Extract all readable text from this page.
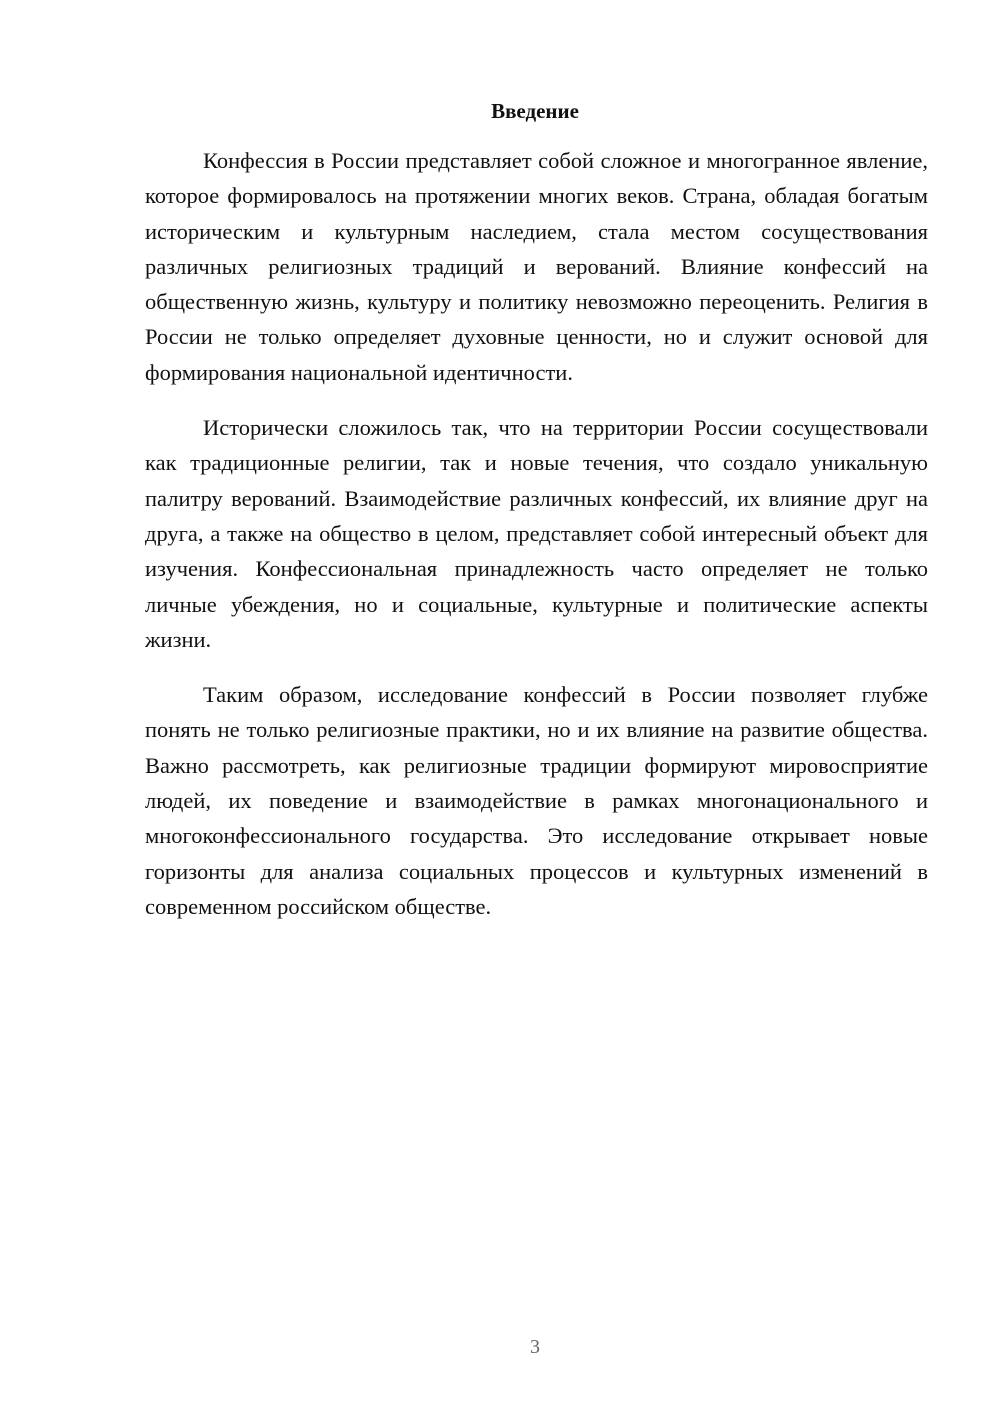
Введение

Конфессия в России представляет собой сложное и многогранное явление, которое формировалось на протяжении многих веков. Страна, обладая богатым историческим и культурным наследием, стала местом сосуществования различных религиозных традиций и верований. Влияние конфессий на общественную жизнь, культуру и политику невозможно переоценить. Религия в России не только определяет духовные ценности, но и служит основой для формирования национальной идентичности.

Исторически сложилось так, что на территории России сосуществовали как традиционные религии, так и новые течения, что создало уникальную палитру верований. Взаимодействие различных конфессий, их влияние друг на друга, а также на общество в целом, представляет собой интересный объект для изучения. Конфессиональная принадлежность часто определяет не только личные убеждения, но и социальные, культурные и политические аспекты жизни.

Таким образом, исследование конфессий в России позволяет глубже понять не только религиозные практики, но и их влияние на развитие общества. Важно рассмотреть, как религиозные традиции формируют мировосприятие людей, их поведение и взаимодействие в рамках многонационального и многоконфессионального государства. Это исследование открывает новые горизонты для анализа социальных процессов и культурных изменений в современном российском обществе.

3
